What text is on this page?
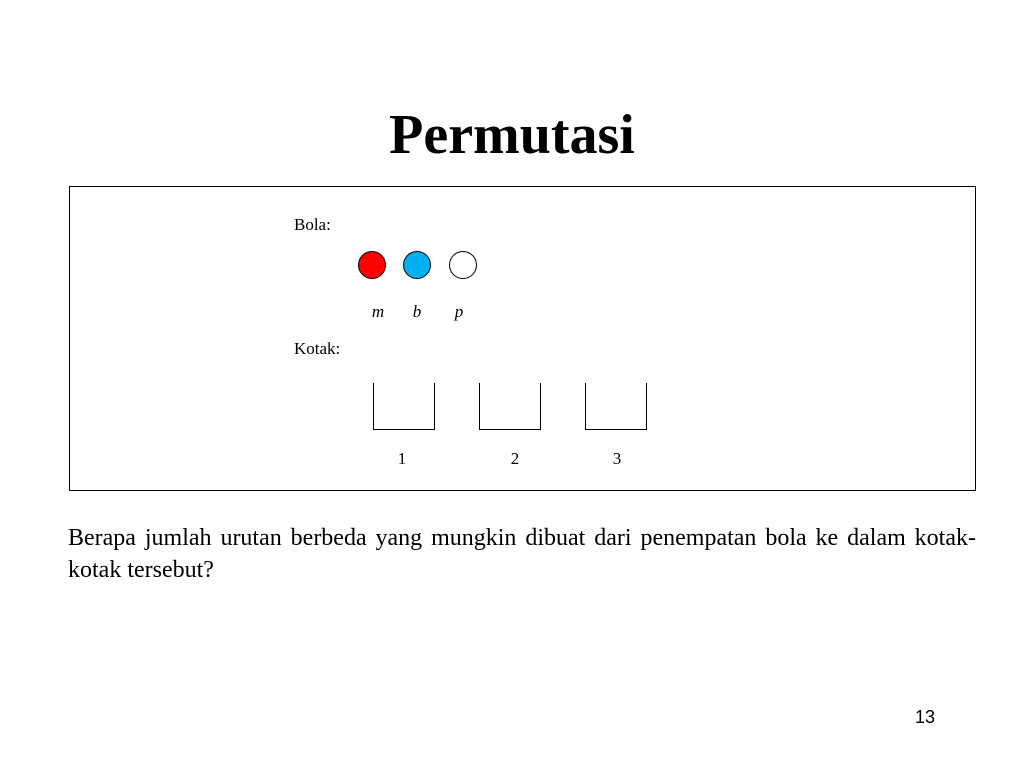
Permutasi
Bola:
m	b	p
Kotak:
1	2	3

Berapa jumlah urutan berbeda yang mungkin dibuat dari penempatan bola ke dalam kotak-kotak tersebut?

13
